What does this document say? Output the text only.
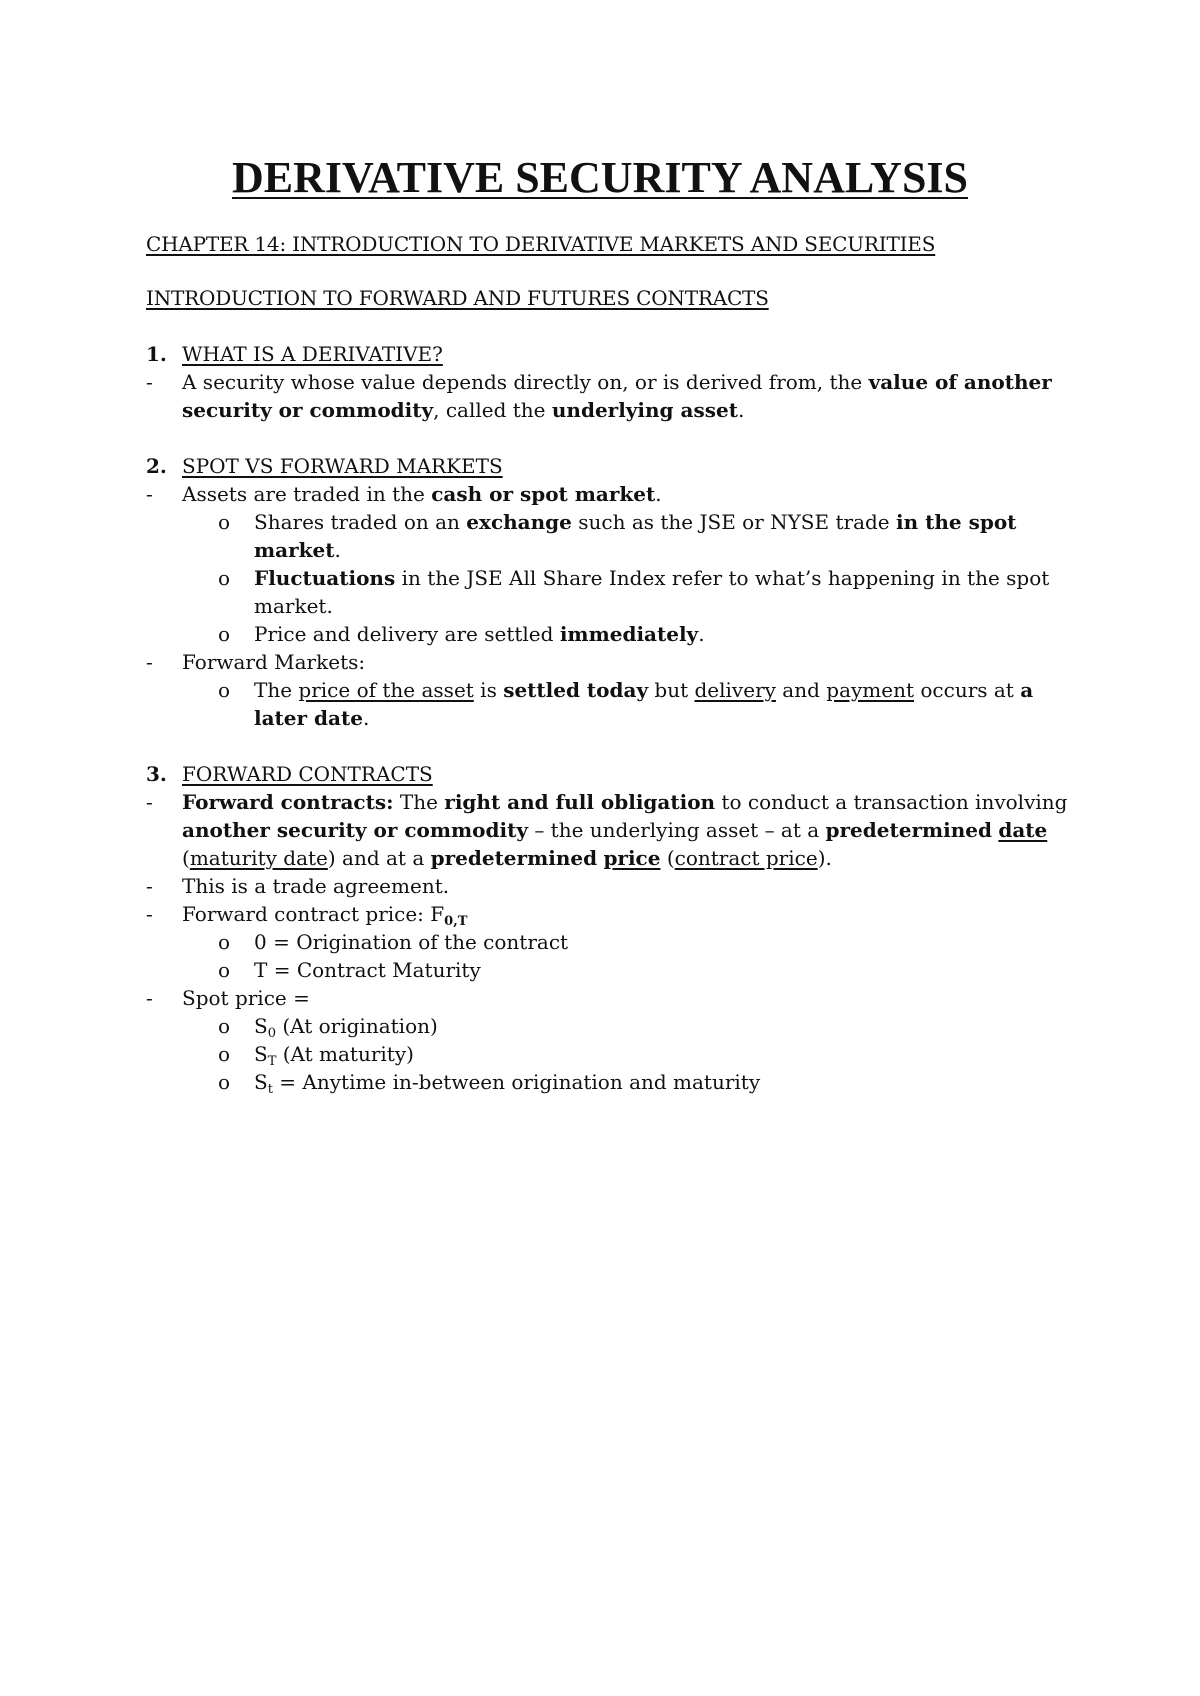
DERIVATIVE SECURITY ANALYSIS

CHAPTER 14: INTRODUCTION TO DERIVATIVE MARKETS AND SECURITIES

INTRODUCTION TO FORWARD AND FUTURES CONTRACTS

1. WHAT IS A DERIVATIVE?
-	A security whose value depends directly on, or is derived from, the value of another security or commodity, called the underlying asset.
2. SPOT VS FORWARD MARKETS
-	Assets are traded in the cash or spot market.
o	Shares traded on an exchange such as the JSE or NYSE trade in the spot market.
o	Fluctuations in the JSE All Share Index refer to what’s happening in the spot market.
o	Price and delivery are settled immediately.
-	Forward Markets:
o	The price of the asset is settled today but delivery and payment occurs at a later date.
3. FORWARD CONTRACTS
-	Forward contracts: The right and full obligation to conduct a transaction involving another security or commodity – the underlying asset – at a predetermined date (maturity date) and at a predetermined price (contract price).
-	This is a trade agreement.
-	Forward contract price: $F_{0,T}$
o	0 = Origination of the contract
o	T = Contract Maturity
-	Spot price =
o	$S_0$ (At origination)
o	$S_T$ (At maturity)
o	$S_t$ = Anytime in-between origination and maturity
